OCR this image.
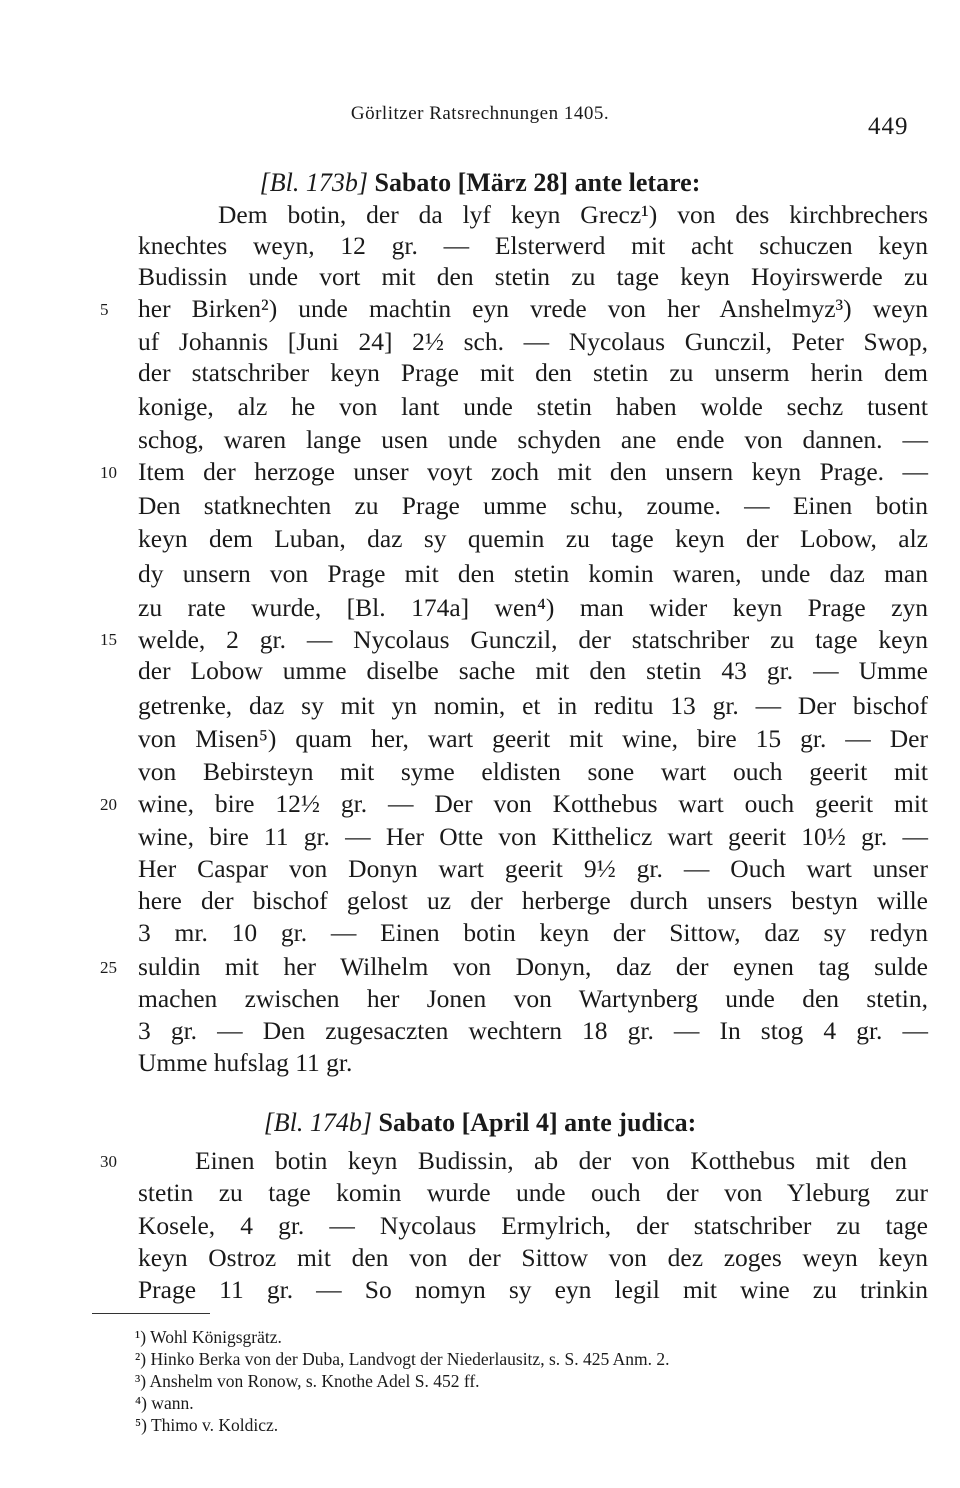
Görlitzer Ratsrechnungen 1405.	449
[Bl. 173b] Sabato [März 28] ante letare:
Dem botin, der da lyf keyn Grecz¹) von des kirchbrechers
knechtes weyn, 12 gr. — Elsterwerd mit acht schuczen keyn
Budissin unde vort mit den stetin zu tage keyn Hoyirswerde zu
her Birken²) unde machtin eyn vrede von her Anshelmyz³) weyn
uf Johannis [Juni 24] 2½ sch. — Nycolaus Gunczil, Peter Swop,
der statschriber keyn Prage mit den stetin zu unserm herin dem
konige, alz he von lant unde stetin haben wolde sechz tusent
schog, waren lange usen unde schyden ane ende von dannen. —
Item der herzoge unser voyt zoch mit den unsern keyn Prage. —
Den statknechten zu Prage umme schu, zoume. — Einen botin
keyn dem Luban, daz sy quemin zu tage keyn der Lobow, alz
dy unsern von Prage mit den stetin komin waren, unde daz man
zu rate wurde, [Bl. 174a] wen⁴) man wider keyn Prage zyn
welde, 2 gr. — Nycolaus Gunczil, der statschriber zu tage keyn
der Lobow umme diselbe sache mit den stetin 43 gr. — Umme
getrenke, daz sy mit yn nomin, et in reditu 13 gr. — Der bischof
von Misen⁵) quam her, wart geerit mit wine, bire 15 gr. — Der
von Bebirsteyn mit syme eldisten sone wart ouch geerit mit
wine, bire 12½ gr. — Der von Kotthebus wart ouch geerit mit
wine, bire 11 gr. — Her Otte von Kitthelicz wart geerit 10½ gr. —
Her Caspar von Donyn wart geerit 9½ gr. — Ouch wart unser
here der bischof gelost uz der herberge durch unsers bestyn wille
3 mr. 10 gr. — Einen botin keyn der Sittow, daz sy redyn
suldin mit her Wilhelm von Donyn, daz der eynen tag sulde
machen zwischen her Jonen von Wartynberg unde den stetin,
3 gr. — Den zugesaczten wechtern 18 gr. — In stog 4 gr. —
Umme hufslag 11 gr.
[Bl. 174b] Sabato [April 4] ante judica:
Einen botin keyn Budissin, ab der von Kotthebus mit den
stetin zu tage komin wurde unde ouch der von Yleburg zur
Kosele, 4 gr. — Nycolaus Ermylrich, der statschriber zu tage
keyn Ostroz mit den von der Sittow von dez zoges weyn keyn
Prage 11 gr. — So nomyn sy eyn legil mit wine zu trinkin
5
10
15
20
25
30
¹) Wohl Königsgrätz.
²) Hinko Berka von der Duba, Landvogt der Niederlausitz, s. S. 425 Anm. 2.
³) Anshelm von Ronow, s. Knothe Adel S. 452 ff.
⁴) wann.
⁵) Thimo v. Koldicz.
